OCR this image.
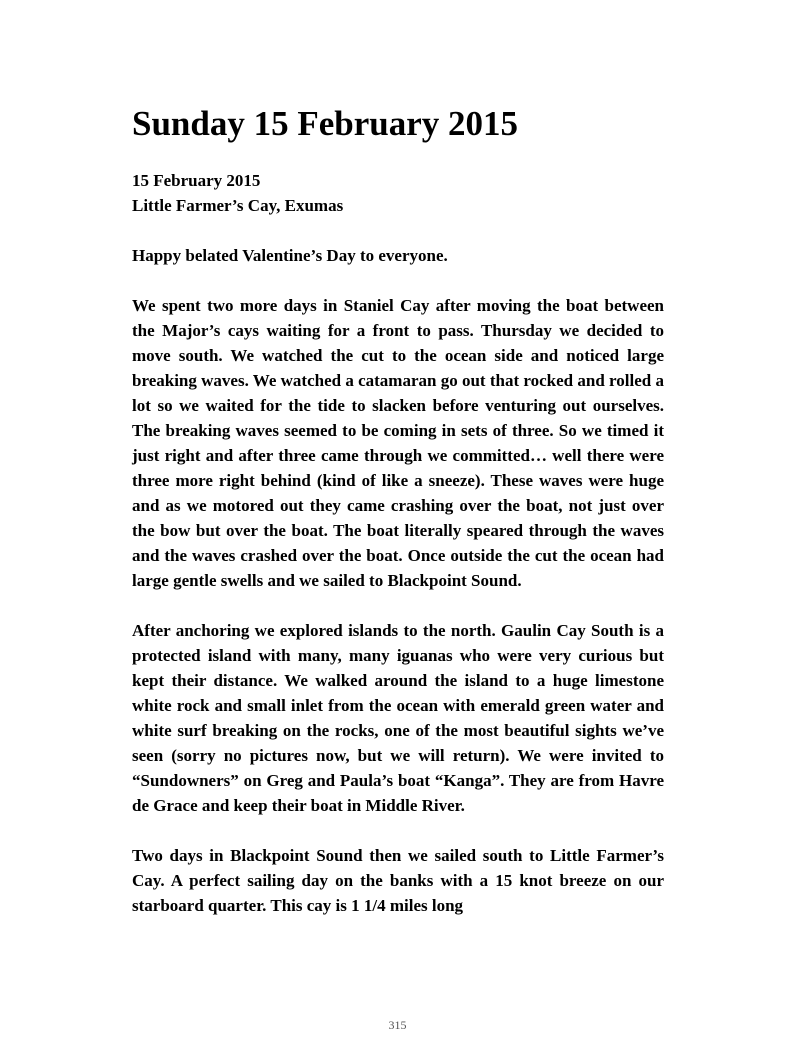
Sunday 15 February 2015

15 February 2015

Little Farmer’s Cay, Exumas

Happy belated Valentine’s Day to everyone.

We spent two more days in Staniel Cay after moving the boat between the Major’s cays waiting for a front to pass. Thursday we decided to move south. We watched the cut to the ocean side and noticed large breaking waves. We watched a catamaran go out that rocked and rolled a lot so we waited for the tide to slacken before venturing out ourselves. The breaking waves seemed to be coming in sets of three. So we timed it just right and after three came through we committed… well there were three more right behind (kind of like a sneeze). These waves were huge and as we motored out they came crashing over the boat, not just over the bow but over the boat. The boat literally speared through the waves and the waves crashed over the boat. Once outside the cut the ocean had large gentle swells and we sailed to Blackpoint Sound.

After anchoring we explored islands to the north. Gaulin Cay South is a protected island with many, many iguanas who were very curious but kept their distance. We walked around the island to a huge limestone white rock and small inlet from the ocean with emerald green water and white surf breaking on the rocks, one of the most beautiful sights we’ve seen (sorry no pictures now, but we will return). We were invited to “Sundowners” on Greg and Paula’s boat “Kanga”. They are from Havre de Grace and keep their boat in Middle River.

Two days in Blackpoint Sound then we sailed south to Little Farmer’s Cay. A perfect sailing day on the banks with a 15 knot breeze on our starboard quarter. This cay is 1 1/4 miles long

315
